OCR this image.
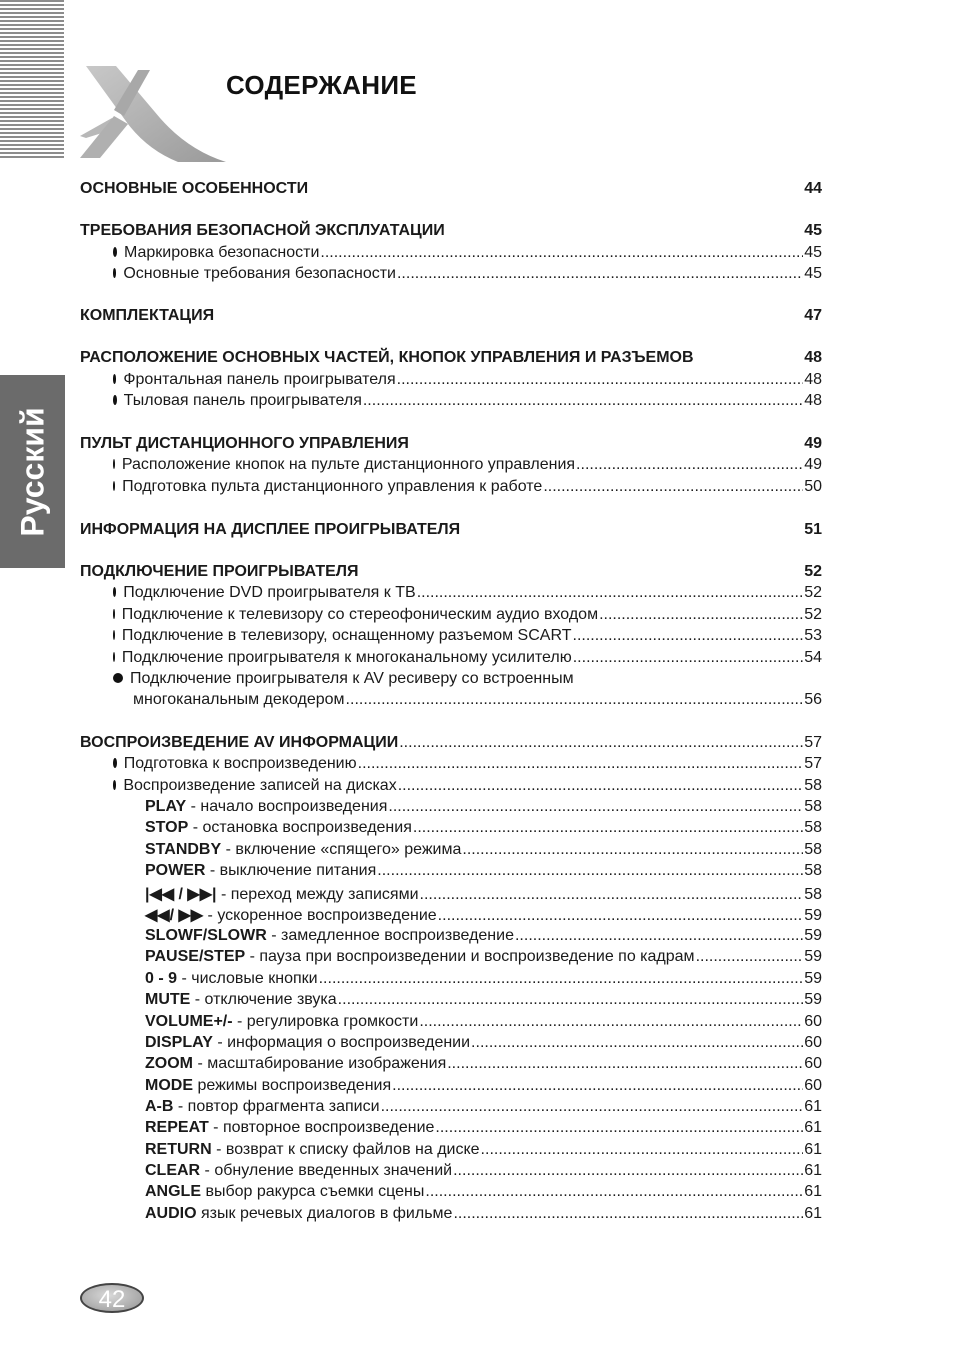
СОДЕРЖАНИЕ
Русский
ОСНОВНЫЕ ОСОБЕННОСТИ	44
ТРЕБОВАНИЯ БЕЗОПАСНОЙ ЭКСПЛУАТАЦИИ	45
Маркировка безопасности .....	45
Основные требования безопасности .....	45
КОМПЛЕКТАЦИЯ	47
РАСПОЛОЖЕНИЕ ОСНОВНЫХ ЧАСТЕЙ, КНОПОК УПРАВЛЕНИЯ И РАЗЪЕМОВ	48
Фронтальная панель проигрывателя .....	48
Тыловая панель проигрывателя .....	48
ПУЛЬТ ДИСТАНЦИОННОГО УПРАВЛЕНИЯ	49
Расположение кнопок на пульте дистанционного управления .....	49
Подготовка пульта дистанционного управления к работе .....	50
ИНФОРМАЦИЯ НА ДИСПЛЕЕ ПРОИГРЫВАТЕЛЯ	51
ПОДКЛЮЧЕНИЕ ПРОИГРЫВАТЕЛЯ	52
Подключение DVD проигрывателя к ТВ .....	52
Подключение к телевизору со стереофоническим аудио входом .....	52
Подключение в телевизору, оснащенному разъемом SCART .....	53
Подключение проигрывателя к многоканальному усилителю .....	54
Подключение проигрывателя к AV ресиверу со встроенным
многоканальным декодером .....	56
ВОСПРОИЗВЕДЕНИЕ AV ИНФОРМАЦИИ .....	57
Подготовка к воспроизведению .....	57
Воспроизведение записей на дисках .....	58
PLAY - начало воспроизведения .....	58
STOP - остановка воспроизведения .....	58
STANDBY - включение «спящего» режима .....	58
POWER - выключение питания .....	58
|◀◀ / ▶▶| - переход между записями .....	58
◀◀/ ▶▶ - ускоренное воспроизведение .....	59
SLOWF/SLOWR - замедленное воспроизведение .....	59
PAUSE/STEP - пауза при воспроизведении и воспроизведение по кадрам .....	59
0 - 9 - числовые кнопки .....	59
MUTE - отключение звука .....	59
VOLUME+/- - регулировка громкости .....	60
DISPLAY - информация о воспроизведении .....	60
ZOOM - масштабирование изображения .....	60
MODE режимы воспроизведения .....	60
A-B - повтор фрагмента записи .....	61
REPEAT - повторное воспроизведение .....	61
RETURN - возврат к списку файлов на диске .....	61
CLEAR - обнуление введенных значений .....	61
ANGLE выбор ракурса съемки сцены .....	61
AUDIO язык речевых диалогов в фильме .....	61
42
